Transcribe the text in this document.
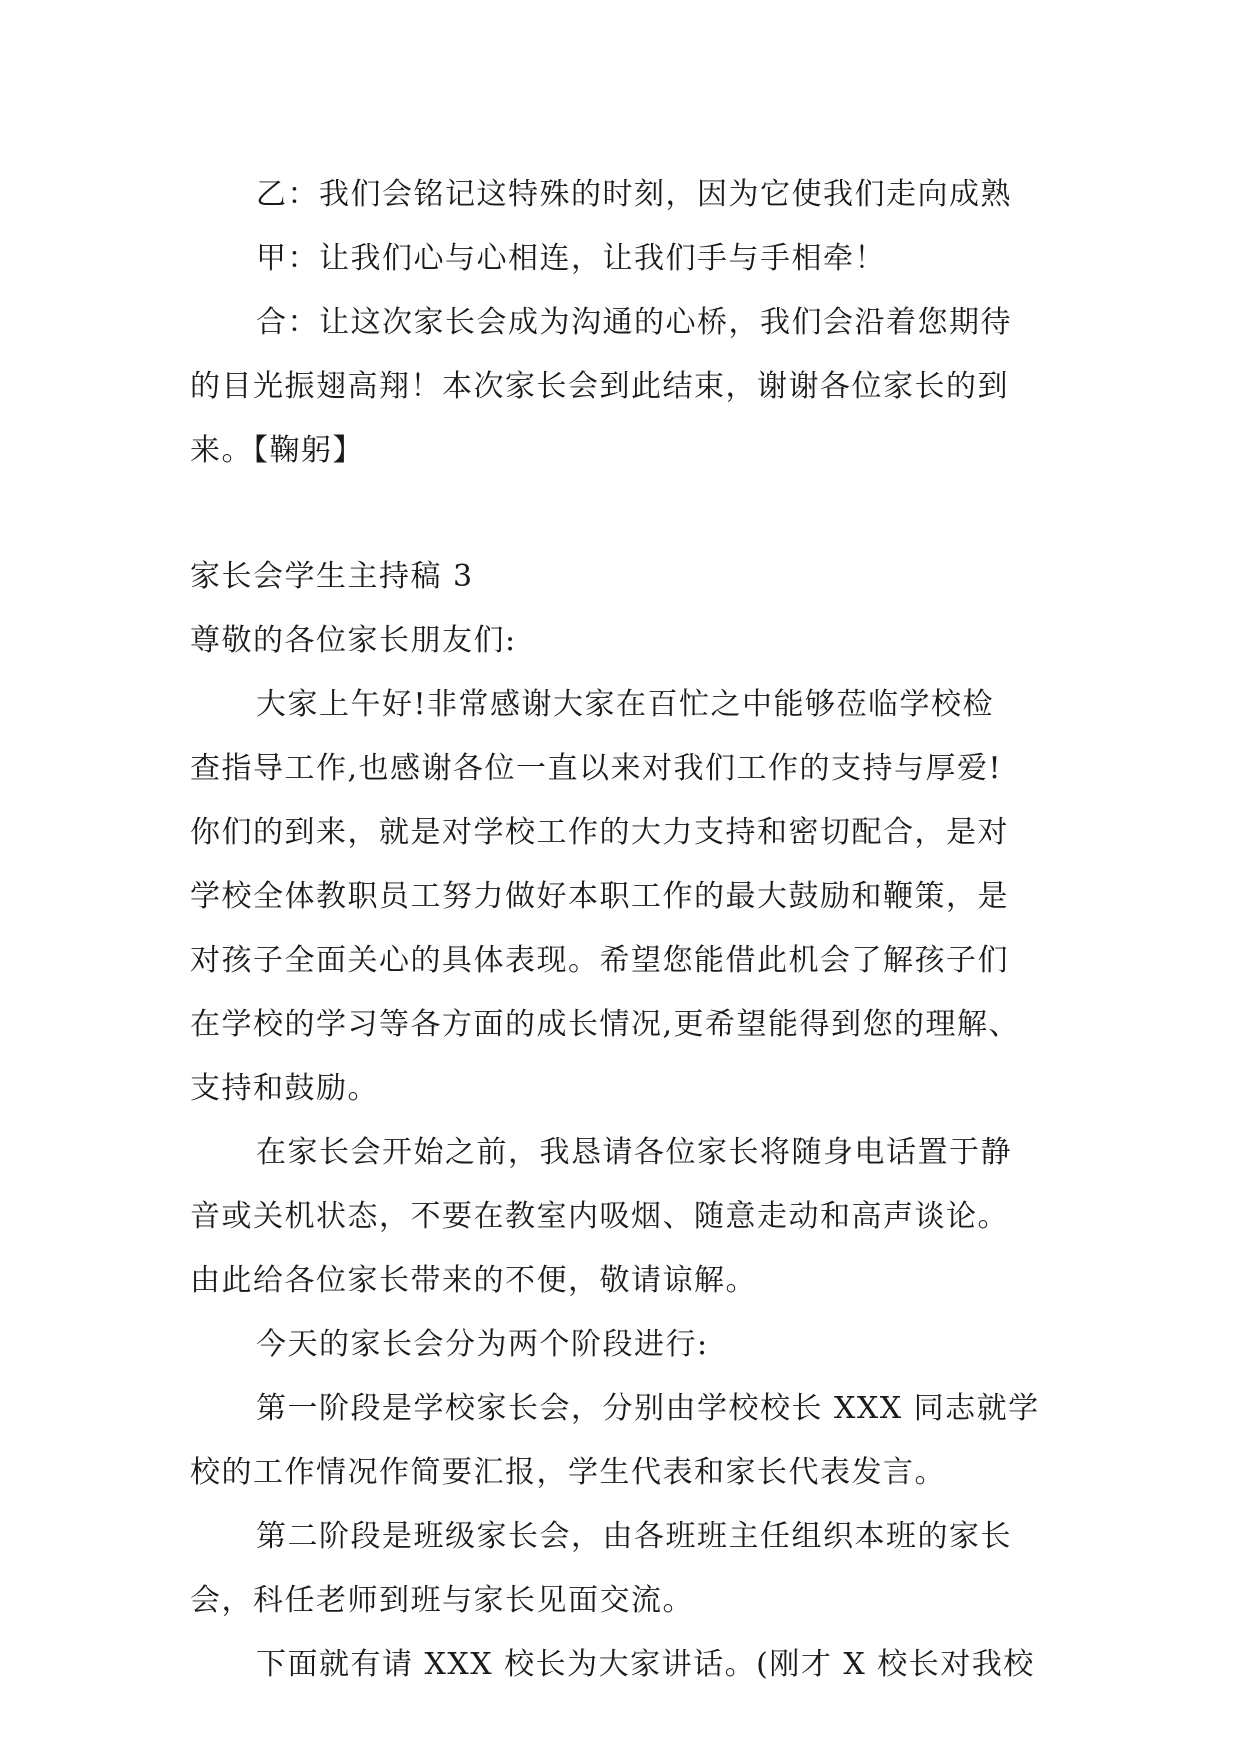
乙：我们会铭记这特殊的时刻，因为它使我们走向成熟
甲：让我们心与心相连，让我们手与手相牵！
合：让这次家长会成为沟通的心桥，我们会沿着您期待
的目光振翅高翔！本次家长会到此结束，谢谢各位家长的到
来。【鞠躬】
家长会学生主持稿 3
尊敬的各位家长朋友们:
大家上午好!非常感谢大家在百忙之中能够莅临学校检
查指导工作,也感谢各位一直以来对我们工作的支持与厚爱!
你们的到来，就是对学校工作的大力支持和密切配合，是对
学校全体教职员工努力做好本职工作的最大鼓励和鞭策，是
对孩子全面关心的具体表现。希望您能借此机会了解孩子们
在学校的学习等各方面的成长情况,更希望能得到您的理解、
支持和鼓励。
在家长会开始之前，我恳请各位家长将随身电话置于静
音或关机状态，不要在教室内吸烟、随意走动和高声谈论。
由此给各位家长带来的不便，敬请谅解。
今天的家长会分为两个阶段进行:
第一阶段是学校家长会，分别由学校校长 XXX 同志就学
校的工作情况作简要汇报，学生代表和家长代表发言。
第二阶段是班级家长会，由各班班主任组织本班的家长
会，科任老师到班与家长见面交流。
下面就有请 XXX 校长为大家讲话。(刚才 X 校长对我校
